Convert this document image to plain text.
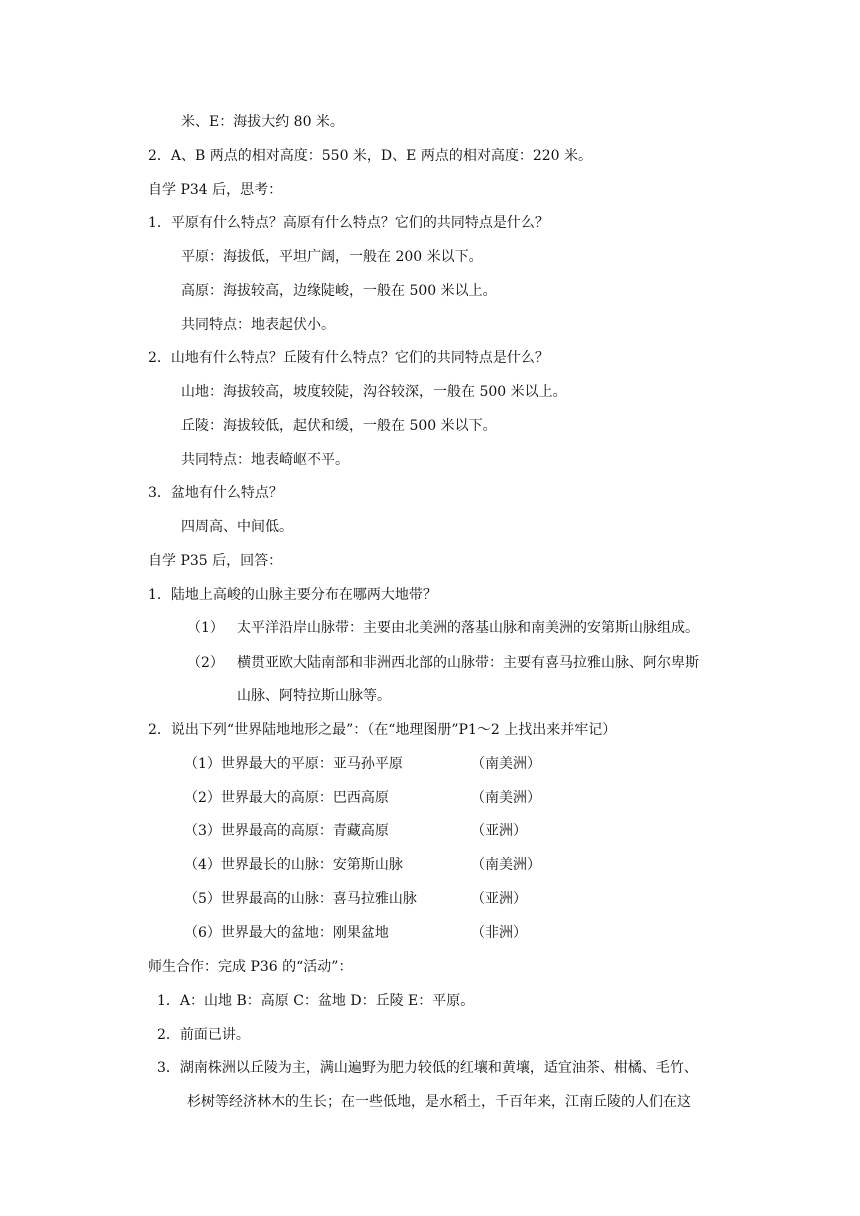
米、E：海拔大约 80 米。
2．A、B 两点的相对高度：550 米，D、E 两点的相对高度：220 米。
自学 P34 后，思考：
1．平原有什么特点？高原有什么特点？它们的共同特点是什么？
平原：海拔低，平坦广阔，一般在 200 米以下。
高原：海拔较高，边缘陡峻，一般在 500 米以上。
共同特点：地表起伏小。
2．山地有什么特点？丘陵有什么特点？它们的共同特点是什么？
山地：海拔较高，坡度较陡，沟谷较深，一般在 500 米以上。
丘陵：海拔较低，起伏和缓，一般在 500 米以下。
共同特点：地表崎岖不平。
3．盆地有什么特点？
四周高、中间低。
自学 P35 后，回答：
1．陆地上高峻的山脉主要分布在哪两大地带？
（1） 太平洋沿岸山脉带：主要由北美洲的落基山脉和南美洲的安第斯山脉组成。
（2） 横贯亚欧大陆南部和非洲西北部的山脉带：主要有喜马拉雅山脉、阿尔卑斯
山脉、阿特拉斯山脉等。
2．说出下列“世界陆地地形之最”：（在“地理图册”P1～2 上找出来并牢记）
（1）世界最大的平原：亚马孙平原	（南美洲）
（2）世界最大的高原：巴西高原	（南美洲）
（3）世界最高的高原：青藏高原	（亚洲）
（4）世界最长的山脉：安第斯山脉	（南美洲）
（5）世界最高的山脉：喜马拉雅山脉	（亚洲）
（6）世界最大的盆地：刚果盆地	（非洲）
师生合作：完成 P36 的“活动”：
1．A：山地 B：高原 C：盆地 D：丘陵 E：平原。
2．前面已讲。
3．湖南株洲以丘陵为主，满山遍野为肥力较低的红壤和黄壤，适宜油茶、柑橘、毛竹、
杉树等经济林木的生长；在一些低地，是水稻土，千百年来，江南丘陵的人们在这
